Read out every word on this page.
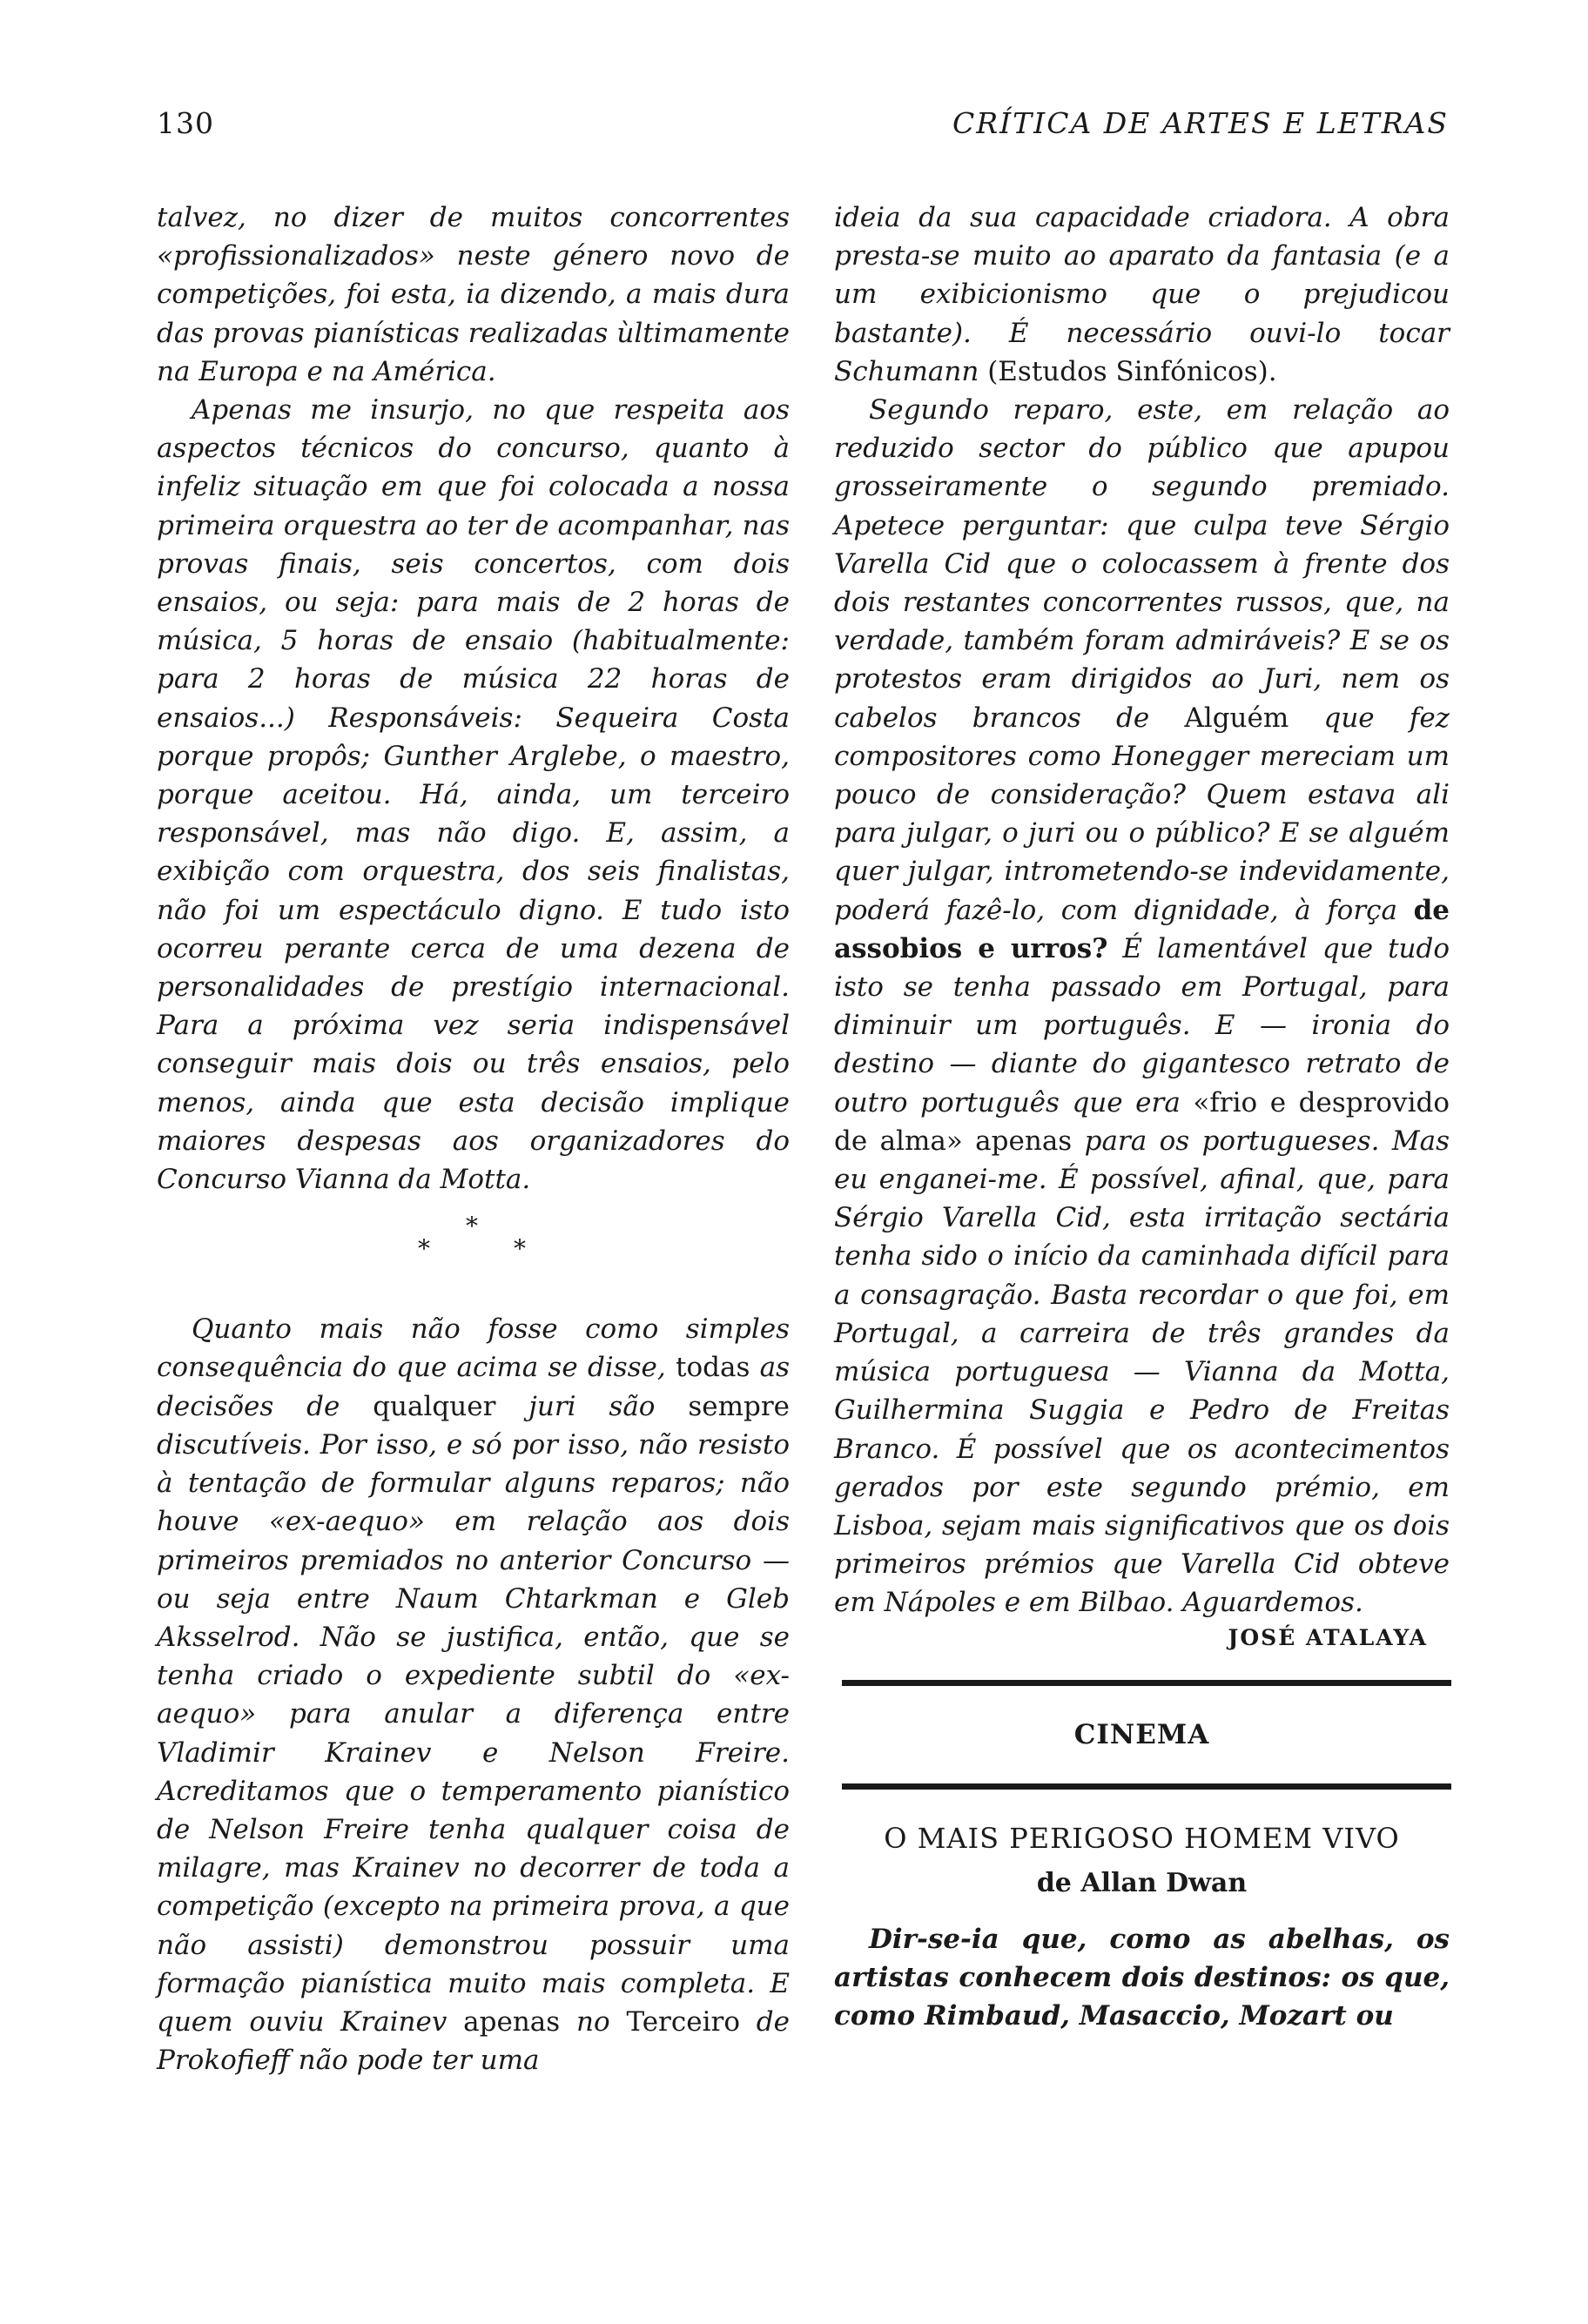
130	CRÍTICA DE ARTES E LETRAS

talvez, no dizer de muitos concorrentes «profissionalizados» neste género novo de competições, foi esta, ia dizendo, a mais dura das provas pianísticas realizadas ùltimamente na Europa e na América.

Apenas me insurjo, no que respeita aos aspectos técnicos do concurso, quanto à infeliz situação em que foi colocada a nossa primeira orquestra ao ter de acompanhar, nas provas finais, seis concertos, com dois ensaios, ou seja: para mais de 2 horas de música, 5 horas de ensaio (habitualmente: para 2 horas de música 22 horas de ensaios...) Responsáveis: Sequeira Costa porque propôs; Gunther Arglebe, o maestro, porque aceitou. Há, ainda, um terceiro responsável, mas não digo. E, assim, a exibição com orquestra, dos seis finalistas, não foi um espectáculo digno. E tudo isto ocorreu perante cerca de uma dezena de personalidades de prestígio internacional. Para a próxima vez seria indispensável conseguir mais dois ou três ensaios, pelo menos, ainda que esta decisão implique maiores despesas aos organizadores do Concurso Vianna da Motta.

*
*
*

Quanto mais não fosse como simples consequência do que acima se disse, todas as decisões de qualquer juri são sempre discutíveis. Por isso, e só por isso, não resisto à tentação de formular alguns reparos; não houve «ex-aequo» em relação aos dois primeiros premiados no anterior Concurso — ou seja entre Naum Chtarkman e Gleb Aksselrod. Não se justifica, então, que se tenha criado o expediente subtil do «ex-aequo» para anular a diferença entre Vladimir Krainev e Nelson Freire. Acreditamos que o temperamento pianístico de Nelson Freire tenha qualquer coisa de milagre, mas Krainev no decorrer de toda a competição (excepto na primeira prova, a que não assisti) demonstrou possuir uma formação pianística muito mais completa. E quem ouviu Krainev apenas no Terceiro de Prokofieff não pode ter uma

ideia da sua capacidade criadora. A obra presta-se muito ao aparato da fantasia (e a um exibicionismo que o prejudicou bastante). É necessário ouvi-lo tocar Schumann (Estudos Sinfónicos).

Segundo reparo, este, em relação ao reduzido sector do público que apupou grosseiramente o segundo premiado. Apetece perguntar: que culpa teve Sérgio Varella Cid que o colocassem à frente dos dois restantes concorrentes russos, que, na verdade, também foram admiráveis? E se os protestos eram dirigidos ao Juri, nem os cabelos brancos de Alguém que fez compositores como Honegger mereciam um pouco de consideração? Quem estava ali para julgar, o juri ou o público? E se alguém quer julgar, intrometendo-se indevidamente, poderá fazê-lo, com dignidade, à força de assobios e urros? É lamentável que tudo isto se tenha passado em Portugal, para diminuir um português. E — ironia do destino — diante do gigantesco retrato de outro português que era «frio e desprovido de alma» apenas para os portugueses. Mas eu enganei-me. É possível, afinal, que, para Sérgio Varella Cid, esta irritação sectária tenha sido o início da caminhada difícil para a consagração. Basta recordar o que foi, em Portugal, a carreira de três grandes da música portuguesa — Vianna da Motta, Guilhermina Suggia e Pedro de Freitas Branco. É possível que os acontecimentos gerados por este segundo prémio, em Lisboa, sejam mais significativos que os dois primeiros prémios que Varella Cid obteve em Nápoles e em Bilbao. Aguardemos.

JOSÉ ATALAYA
CINEMA
O MAIS PERIGOSO HOMEM VIVO
de Allan Dwan

Dir-se-ia que, como as abelhas, os artistas conhecem dois destinos: os que, como Rimbaud, Masaccio, Mozart ou
